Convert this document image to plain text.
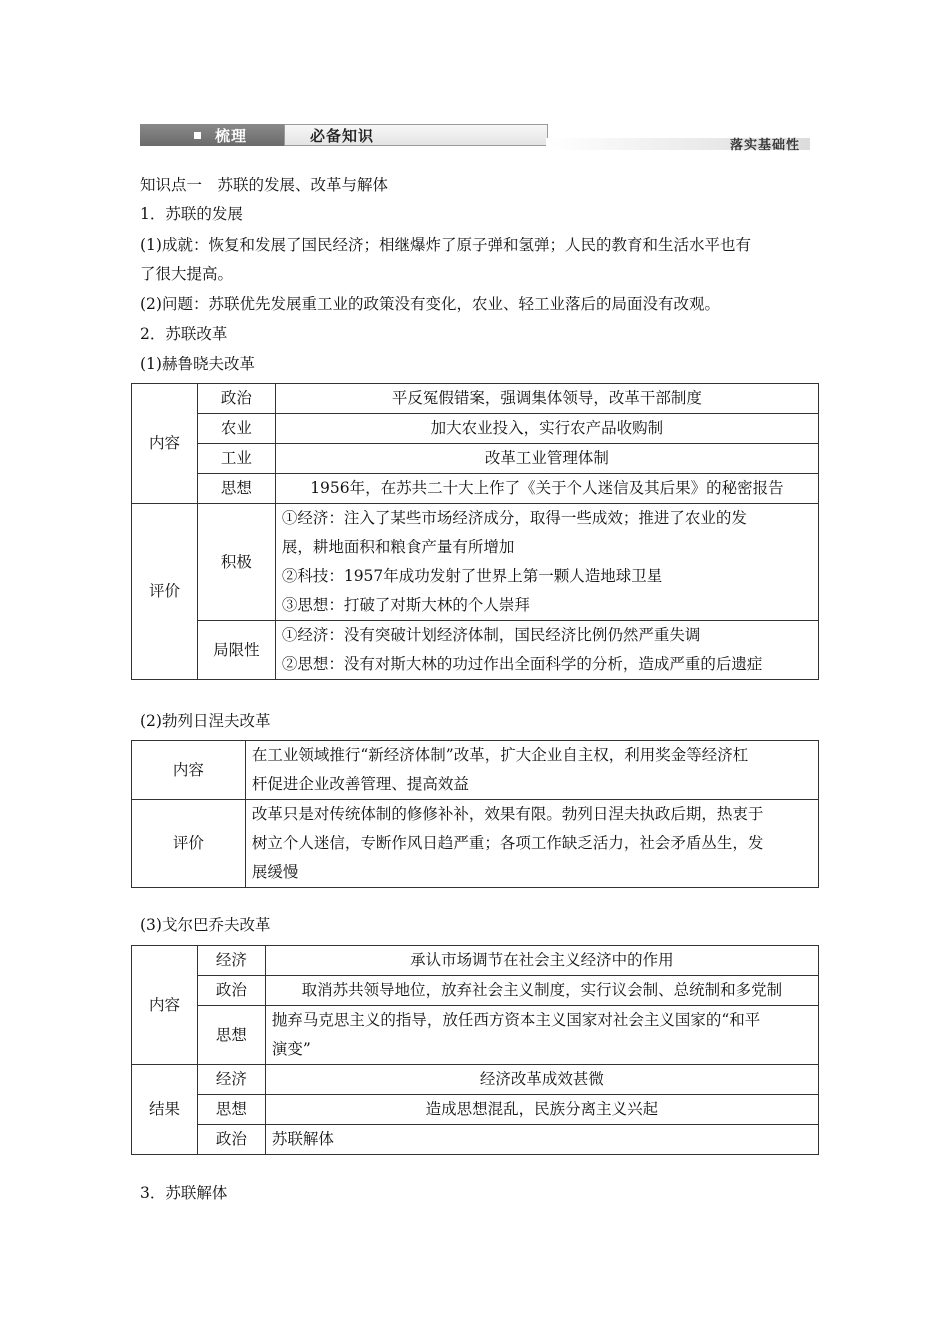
梳理	必备知识
落实基础性
知识点一　苏联的发展、改革与解体
1．苏联的发展
(1)成就：恢复和发展了国民经济；相继爆炸了原子弹和氢弹；人民的教育和生活水平也有
了很大提高。
(2)问题：苏联优先发展重工业的政策没有变化，农业、轻工业落后的局面没有改观。
2．苏联改革
(1)赫鲁晓夫改革
内容	政治	平反冤假错案，强调集体领导，改革干部制度
	农业	加大农业投入，实行农产品收购制
	工业	改革工业管理体制
	思想	1956年，在苏共二十大上作了《关于个人迷信及其后果》的秘密报告
评价	积极	①经济：注入了某些市场经济成分，取得一些成效；推进了农业的发
展，耕地面积和粮食产量有所增加
②科技：1957年成功发射了世界上第一颗人造地球卫星
③思想：打破了对斯大林的个人崇拜

	局限性	①经济：没有突破计划经济体制，国民经济比例仍然严重失调
②思想：没有对斯大林的功过作出全面科学的分析，造成严重的后遗症
(2)勃列日涅夫改革
内容	在工业领域推行“新经济体制”改革，扩大企业自主权，利用奖金等经济杠
杆促进企业改善管理、提高效益

评价	改革只是对传统体制的修修补补，效果有限。勃列日涅夫执政后期，热衷于
树立个人迷信，专断作风日趋严重；各项工作缺乏活力，社会矛盾丛生，发
展缓慢
(3)戈尔巴乔夫改革
内容	经济	承认市场调节在社会主义经济中的作用
	政治	取消苏共领导地位，放弃社会主义制度，实行议会制、总统制和多党制
	思想	抛弃马克思主义的指导，放任西方资本主义国家对社会主义国家的“和平
演变”

结果	经济	经济改革成效甚微
	思想	造成思想混乱，民族分离主义兴起
	政治	苏联解体
3．苏联解体
